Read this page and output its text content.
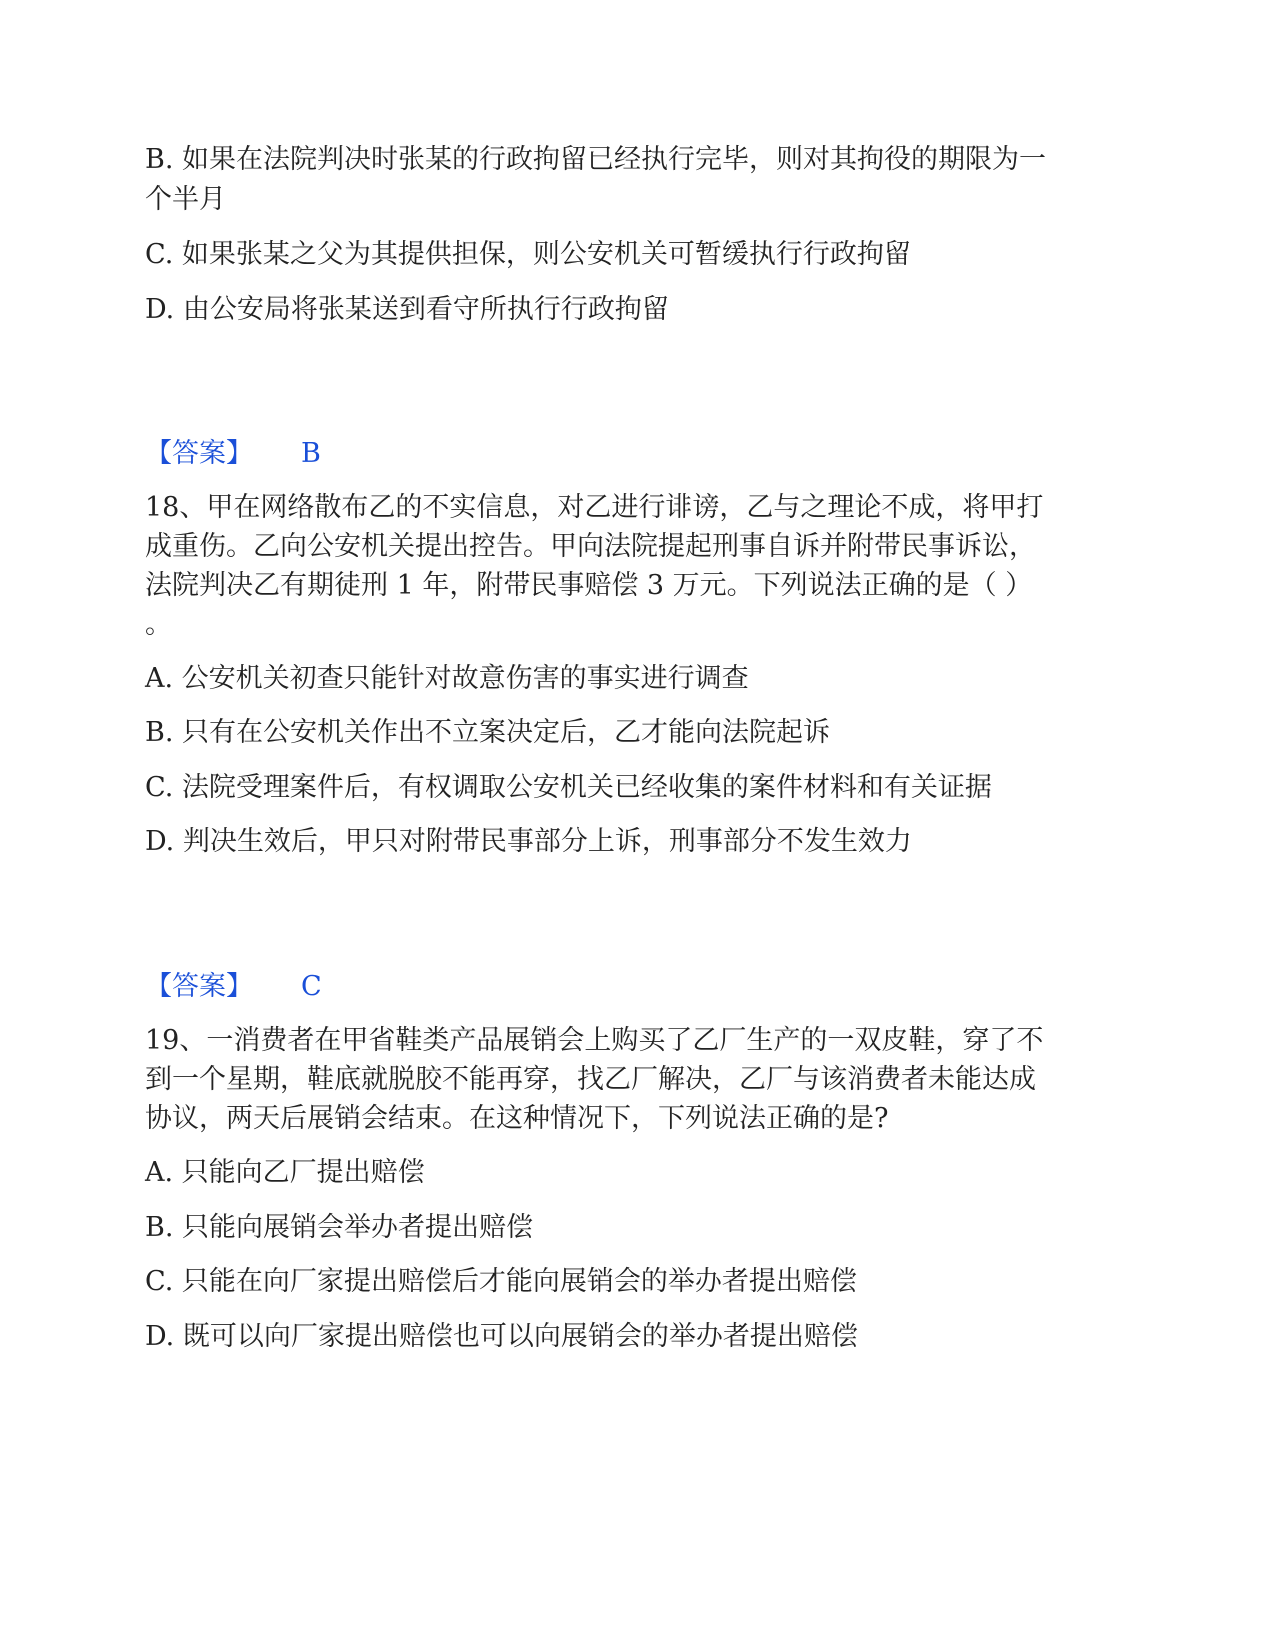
B. 如果在法院判决时张某的行政拘留已经执行完毕，则对其拘役的期限为一
个半月
C. 如果张某之父为其提供担保，则公安机关可暂缓执行行政拘留
D. 由公安局将张某送到看守所执行行政拘留
【答案】 B
18、甲在网络散布乙的不实信息，对乙进行诽谤，乙与之理论不成，将甲打
成重伤。乙向公安机关提出控告。甲向法院提起刑事自诉并附带民事诉讼，
法院判决乙有期徒刑 1 年，附带民事赔偿 3 万元。下列说法正确的是（ ）
。
A. 公安机关初查只能针对故意伤害的事实进行调查
B. 只有在公安机关作出不立案决定后，乙才能向法院起诉
C. 法院受理案件后，有权调取公安机关已经收集的案件材料和有关证据
D. 判决生效后，甲只对附带民事部分上诉，刑事部分不发生效力
【答案】 C
19、一消费者在甲省鞋类产品展销会上购买了乙厂生产的一双皮鞋，穿了不
到一个星期，鞋底就脱胶不能再穿，找乙厂解决，乙厂与该消费者未能达成
协议，两天后展销会结束。在这种情况下，下列说法正确的是?
A. 只能向乙厂提出赔偿
B. 只能向展销会举办者提出赔偿
C. 只能在向厂家提出赔偿后才能向展销会的举办者提出赔偿
D. 既可以向厂家提出赔偿也可以向展销会的举办者提出赔偿
